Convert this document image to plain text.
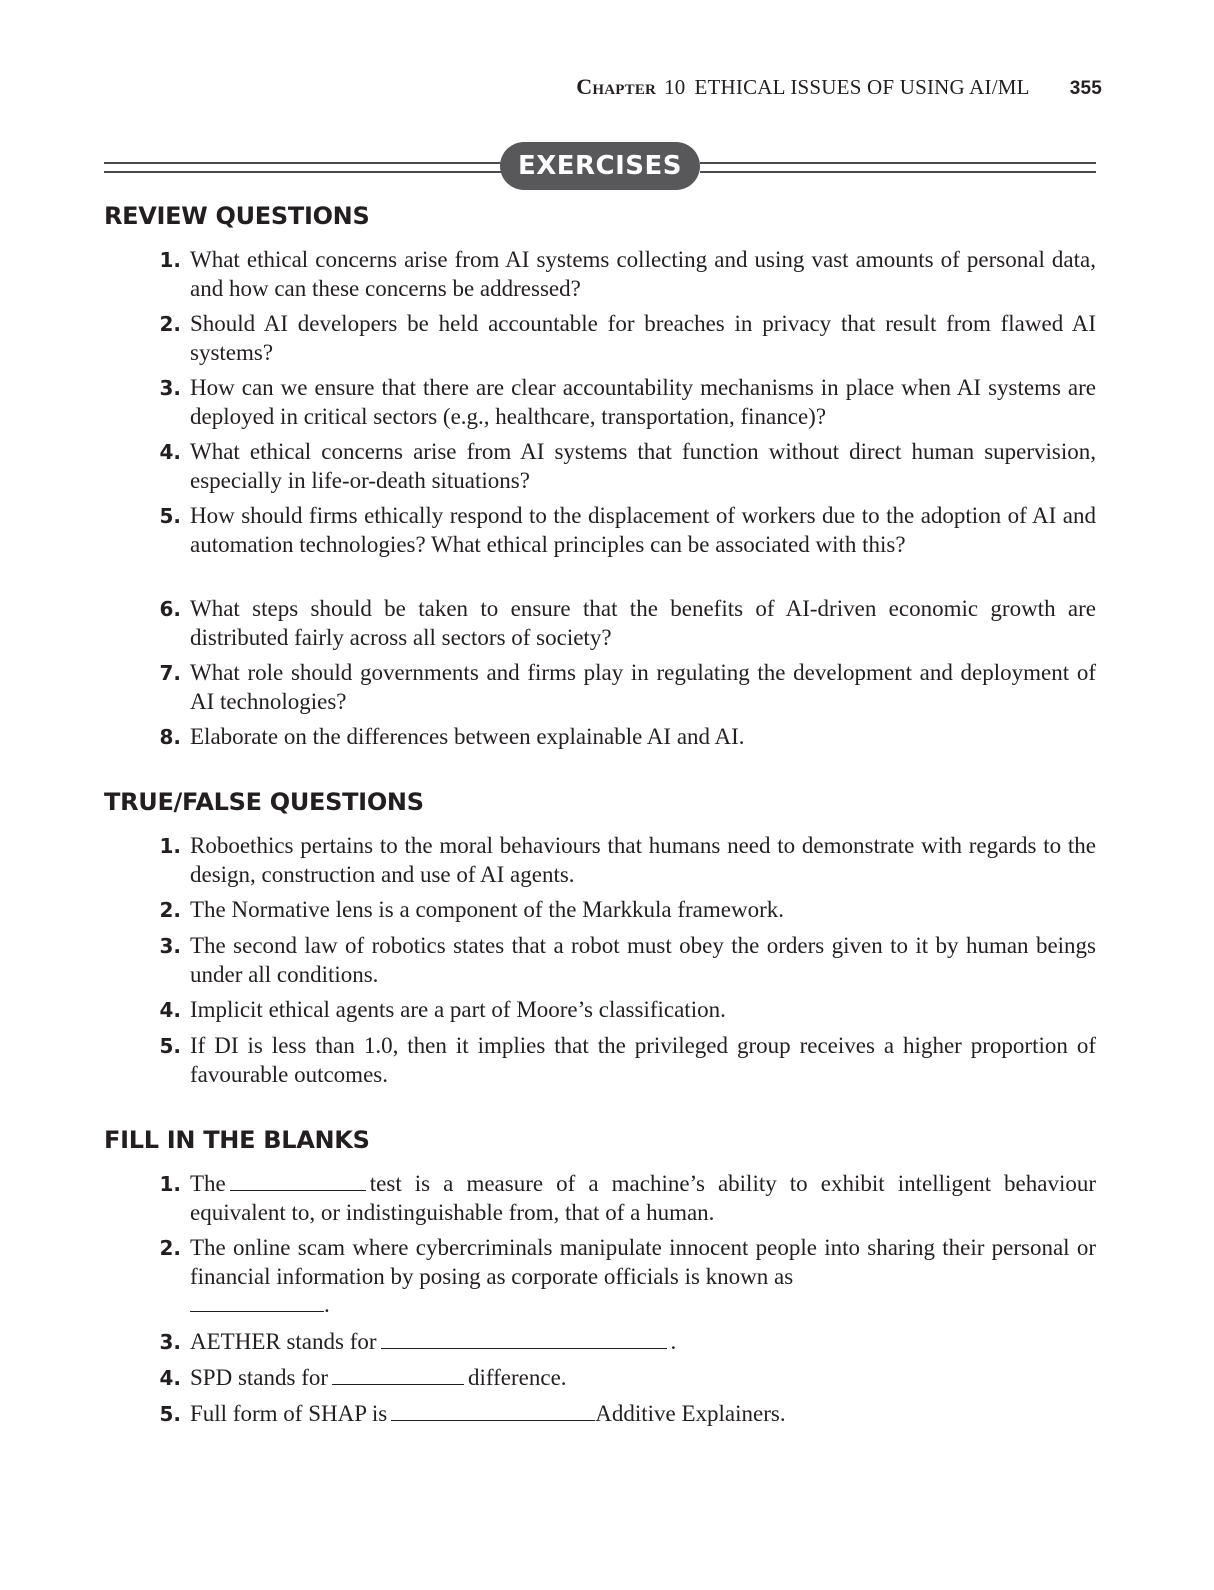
Chapter 10 ETHICAL ISSUES OF USING AI/ML 355
EXERCISES
REVIEW QUESTIONS
1. What ethical concerns arise from AI systems collecting and using vast amounts of personal data, and how can these concerns be addressed?
2. Should AI developers be held accountable for breaches in privacy that result from flawed AI systems?
3. How can we ensure that there are clear accountability mechanisms in place when AI systems are deployed in critical sectors (e.g., healthcare, transportation, finance)?
4. What ethical concerns arise from AI systems that function without direct human supervision, especially in life-or-death situations?
5. How should firms ethically respond to the displacement of workers due to the adoption of AI and automation technologies? What ethical principles can be associated with this?
6. What steps should be taken to ensure that the benefits of AI-driven economic growth are distributed fairly across all sectors of society?
7. What role should governments and firms play in regulating the development and deployment of AI technologies?
8. Elaborate on the differences between explainable AI and AI.
TRUE/FALSE QUESTIONS
1. Roboethics pertains to the moral behaviours that humans need to demonstrate with regards to the design, construction and use of AI agents.
2. The Normative lens is a component of the Markkula framework.
3. The second law of robotics states that a robot must obey the orders given to it by human beings under all conditions.
4. Implicit ethical agents are a part of Moore’s classification.
5. If DI is less than 1.0, then it implies that the privileged group receives a higher proportion of favourable outcomes.
FILL IN THE BLANKS
1. The	test is a measure of a machine’s ability to exhibit intelligent behaviour equivalent to, or indistinguishable from, that of a human.
2. The online scam where cybercriminals manipulate innocent people into sharing their personal or financial information by posing as corporate officials is known as
.
3. AETHER stands for	.
4. SPD stands for	difference.
5. Full form of SHAP is	Additive Explainers.
